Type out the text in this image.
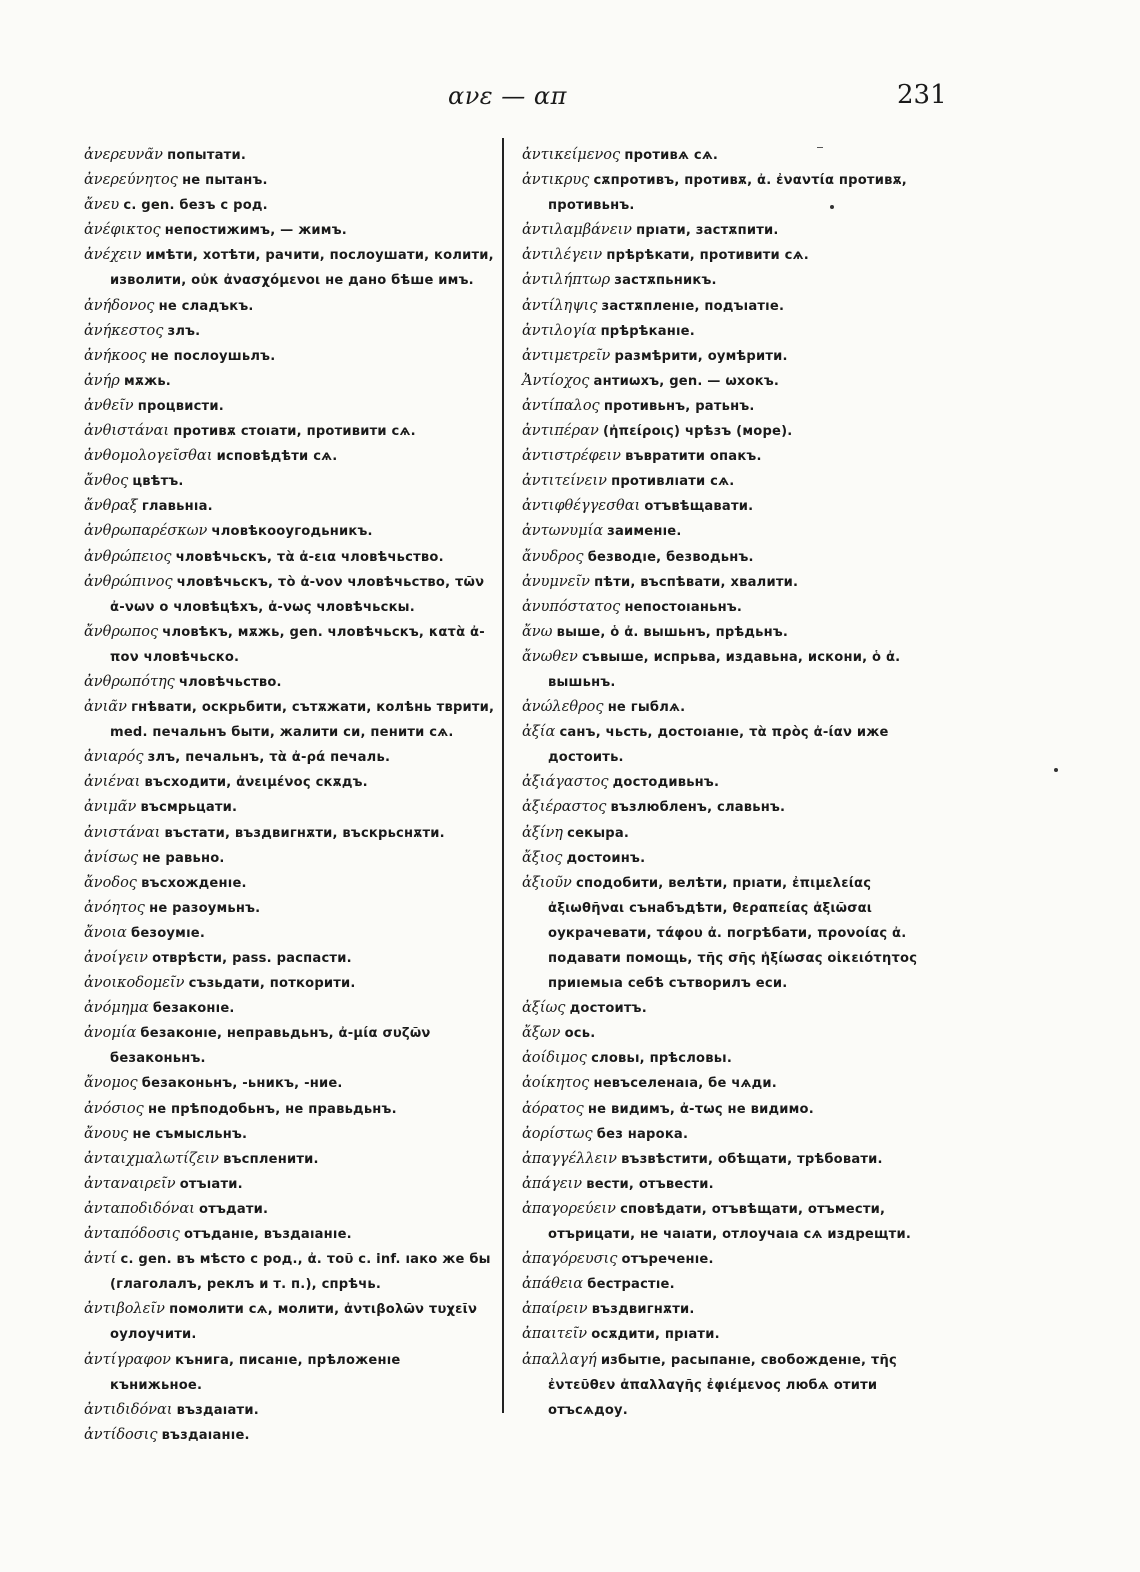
ανε — απ	231
ἀνερευνᾶν попытати.
ἀνερεύνητος не пытанъ.
ἄνευ c. gen. безъ с род.
ἀνέφικτος непостижимъ, — жимъ.
ἀνέχειν имѣти, хотѣти, рачити, послоушати, колити, изволити, οὐκ ἀνασχόμενοι не дано бѣше имъ.
ἀνήδονος не сладъкъ.
ἀνήκεστος злъ.
ἀνήκοος не послоушьлъ.
ἀνήρ мѫжь.
ἀνθεῖν процвисти.
ἀνθιστάναι противѫ стоıати, противити сѧ.
ἀνθομολογεῖσθαι исповѣдѣти сѧ.
ἄνθος цвѣтъ.
ἄνθραξ главьнıа.
ἀνθρωπαρέσκων чловѣкооугодьникъ.
ἀνθρώπειος чловѣчьскъ, τὰ ἀ-εια чловѣчьство.
ἀνθρώπινος чловѣчьскъ, τὸ ἀ-νον чловѣчьство, τῶν ἀ-νων о чловѣцѣхъ, ἀ-νως чловѣчьскы.
ἄνθρωπος чловѣкъ, мѫжь, gen. чловѣчьскъ, κατὰ ἀ-πον чловѣчьско.
ἀνθρωπότης чловѣчьство.
ἀνιᾶν гнѣвати, оскрьбити, сътѫжати, колѣнь тврити, med. печальнъ быти, жалити си, пенити сѧ.
ἀνιαρός злъ, печальнъ, τὰ ἀ-ρά печаль.
ἀνιέναι въсходити, ἀνειμένος скѫдъ.
ἀνιμᾶν въсмрьцати.
ἀνιστάναι въстати, въздвигнѫти, въскрьснѫти.
ἀνίσως не равьно.
ἄνοδος въсхожденıе.
ἀνόητος не разоумьнъ.
ἄνοια безоумıе.
ἀνοίγειν отврѣсти, pass. распасти.
ἀνοικοδομεῖν съзьдати, поткорити.
ἀνόμημα безаконıе.
ἀνομία безаконıе, неправьдьнъ, ἀ-μία συζῶν безаконьнъ.
ἄνομος безаконьнъ, -ьникъ, -ние.
ἀνόσιος не прѣподобьнъ, не правьдьнъ.
ἄνους не съмысльнъ.
ἀνταιχμαλωτίζειν въспленити.
ἀνταναιρεῖν отъıати.
ἀνταποδιδόναι отъдати.
ἀνταπόδοσις отъданıе, въздаıанıе.
ἀντί c. gen. въ мѣсто с род., ἀ. τοῦ c. inf. ıако же бы (глаголалъ, реклъ и т. п.), спрѣчь.
ἀντιβολεῖν помолити сѧ, молити, ἀντιβολῶν τυχεῖν оулоучити.
ἀντίγραφον кънига, писанıе, прѣложенıе кънижьное.
ἀντιδιδόναι въздаıати.
ἀντίδοσις въздаıанıе.
ἀντικείμενος противѧ сѧ.
ἀντικρυς сѫпротивъ, противѫ, ἀ. ἐναντία противѫ, противьнъ.
ἀντιλαμβάνειν прıати, застѫпити.
ἀντιλέγειν прѣрѣкати, противити сѧ.
ἀντιλήπτωρ застѫпьникъ.
ἀντίληψις застѫпленıе, подъıатıе.
ἀντιλογία прѣрѣканıе.
ἀντιμετρεῖν размѣрити, оумѣрити.
Ἀντίοχος антиѡхъ, gen. — ѡхокъ.
ἀντίπαλος противьнъ, ратьнъ.
ἀντιπέραν (ἠπείροις) чрѣзъ (море).
ἀντιστρέφειν въвратити опакъ.
ἀντιτείνειν противлıати сѧ.
ἀντιφθέγγεσθαι отъвѣщавати.
ἀντωνυμία заименıе.
ἄνυδρος безводıе, безводьнъ.
ἀνυμνεῖν пѣти, въспѣвати, хвалити.
ἀνυπόστατος непостоıаньнъ.
ἄνω вышe, ὁ ἀ. вышьнъ, прѣдьнъ.
ἄνωθεν съвыше, испрьва, издавьна, искони, ὁ ἀ. вышьнъ.
ἀνώλεθρος не гыблѧ.
ἀξία санъ, чьсть, достоıанıе, τὰ πρὸς ἀ-ίαν иже достоить.
ἀξιάγαστος достодивьнъ.
ἀξιέραστος възлюбленъ, славьнъ.
ἀξίνη секыра.
ἄξιος достоинъ.
ἀξιοῦν сподобити, велѣти, прıати, ἐπιμελείας ἀξιωθῆναι сънабъдѣти, θεραπείας ἀξιῶσαι оукрачевати, τάφου ἀ. погрѣбати, προνοίας ἀ. подавати помощь, τῆς σῆς ἠξίωσας οἰκειότητος приıемьıа себѣ сътворилъ еси.
ἀξίως достоитъ.
ἄξων ось.
ἀοίδιμος словьı, прѣсловьı.
ἀοίκητος невъселенаıа, бе чѧди.
ἀόρατος не видимъ, ἀ-τως не видимо.
ἀορίστως без нарока.
ἀπαγγέλλειν възвѣстити, обѣщати, трѣбовати.
ἀπάγειν вести, отъвести.
ἀπαγορεύειν сповѣдати, отъвѣщати, отъмести, отърицати, не чаıати, отлоучаıа сѧ издрещти.
ἀπαγόρευσις отъреченıе.
ἀπάθεια бестрастıе.
ἀπαίρειν въздвигнѫти.
ἀπαιτεῖν осѫдити, прıати.
ἀπαλλαγή избытıе, расыпанıе, свобожденıе, τῆς ἐντεῦθεν ἀπαλλαγῆς ἐφιέμενος любѧ отити отъсѧдоу.
